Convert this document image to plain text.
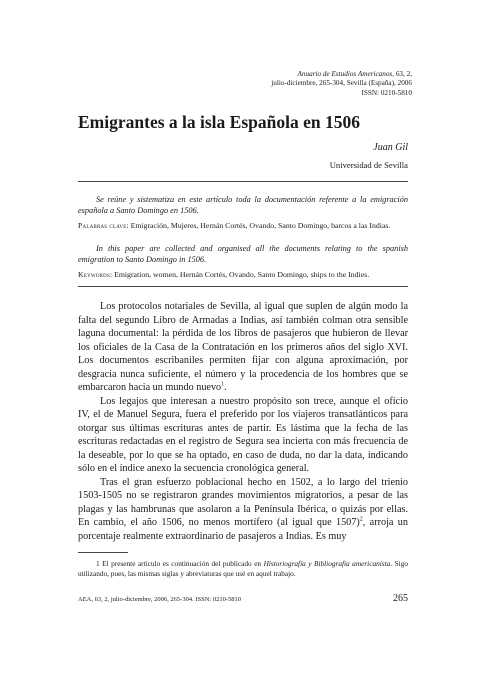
Anuario de Estudios Americanos, 63, 2,
julio-diciembre, 265-304, Sevilla (España), 2006
ISSN: 0210-5810
Emigrantes a la isla Española en 1506
Juan Gil
Universidad de Sevilla

Se reúne y sistematiza en este artículo toda la documentación referente a la emigración española a Santo Domingo en 1506.

Palabras clave: Emigración, Mujeres, Hernán Cortés, Ovando, Santo Domingo, barcos a las Indias.

In this paper are collected and organised all the documents relating to the spanish emigration to Santo Domingo in 1506.

Keywords: Emigration, women, Hernán Cortés, Ovando, Santo Domingo, ships to the Indies.

Los protocolos notariales de Sevilla, al igual que suplen de algún modo la falta del segundo Libro de Armadas a Indias, así también colman otra sensible laguna documental: la pérdida de los libros de pasajeros que hubieron de llevar los oficiales de la Casa de la Contratación en los primeros años del siglo XVI. Los documentos escribaniles permiten fijar con alguna aproximación, por desgracia nunca suficiente, el número y la procedencia de los hombres que se embarcaron hacia un mundo nuevo$^1$.

Los legajos que interesan a nuestro propósito son trece, aunque el oficio IV, el de Manuel Segura, fuera el preferido por los viajeros transatlánticos para otorgar sus últimas escrituras antes de partir. Es lástima que la fecha de las escrituras redactadas en el registro de Segura sea incierta con más frecuencia de la deseable, por lo que se ha optado, en caso de duda, no dar la data, indicando sólo en el índice anexo la secuencia cronológica general.

Tras el gran esfuerzo poblacional hecho en 1502, a lo largo del trienio 1503-1505 no se registraron grandes movimientos migratorios, a pesar de las plagas y las hambrunas que asolaron a la Península Ibérica, o quizás por ellas. En cambio, el año 1506, no menos mortífero (al igual que 1507)$^2$, arroja un porcentaje realmente extraordinario de pasajeros a Indias. Es muy

1 El presente artículo es continuación del publicado en Historiografía y Bibliografía americanista. Sigo utilizando, pues, las mismas siglas y abreviaturas que usé en aquel trabajo.

AEA, 63, 2, julio-diciembre, 2006, 265-304. ISSN: 0210-5810	265
